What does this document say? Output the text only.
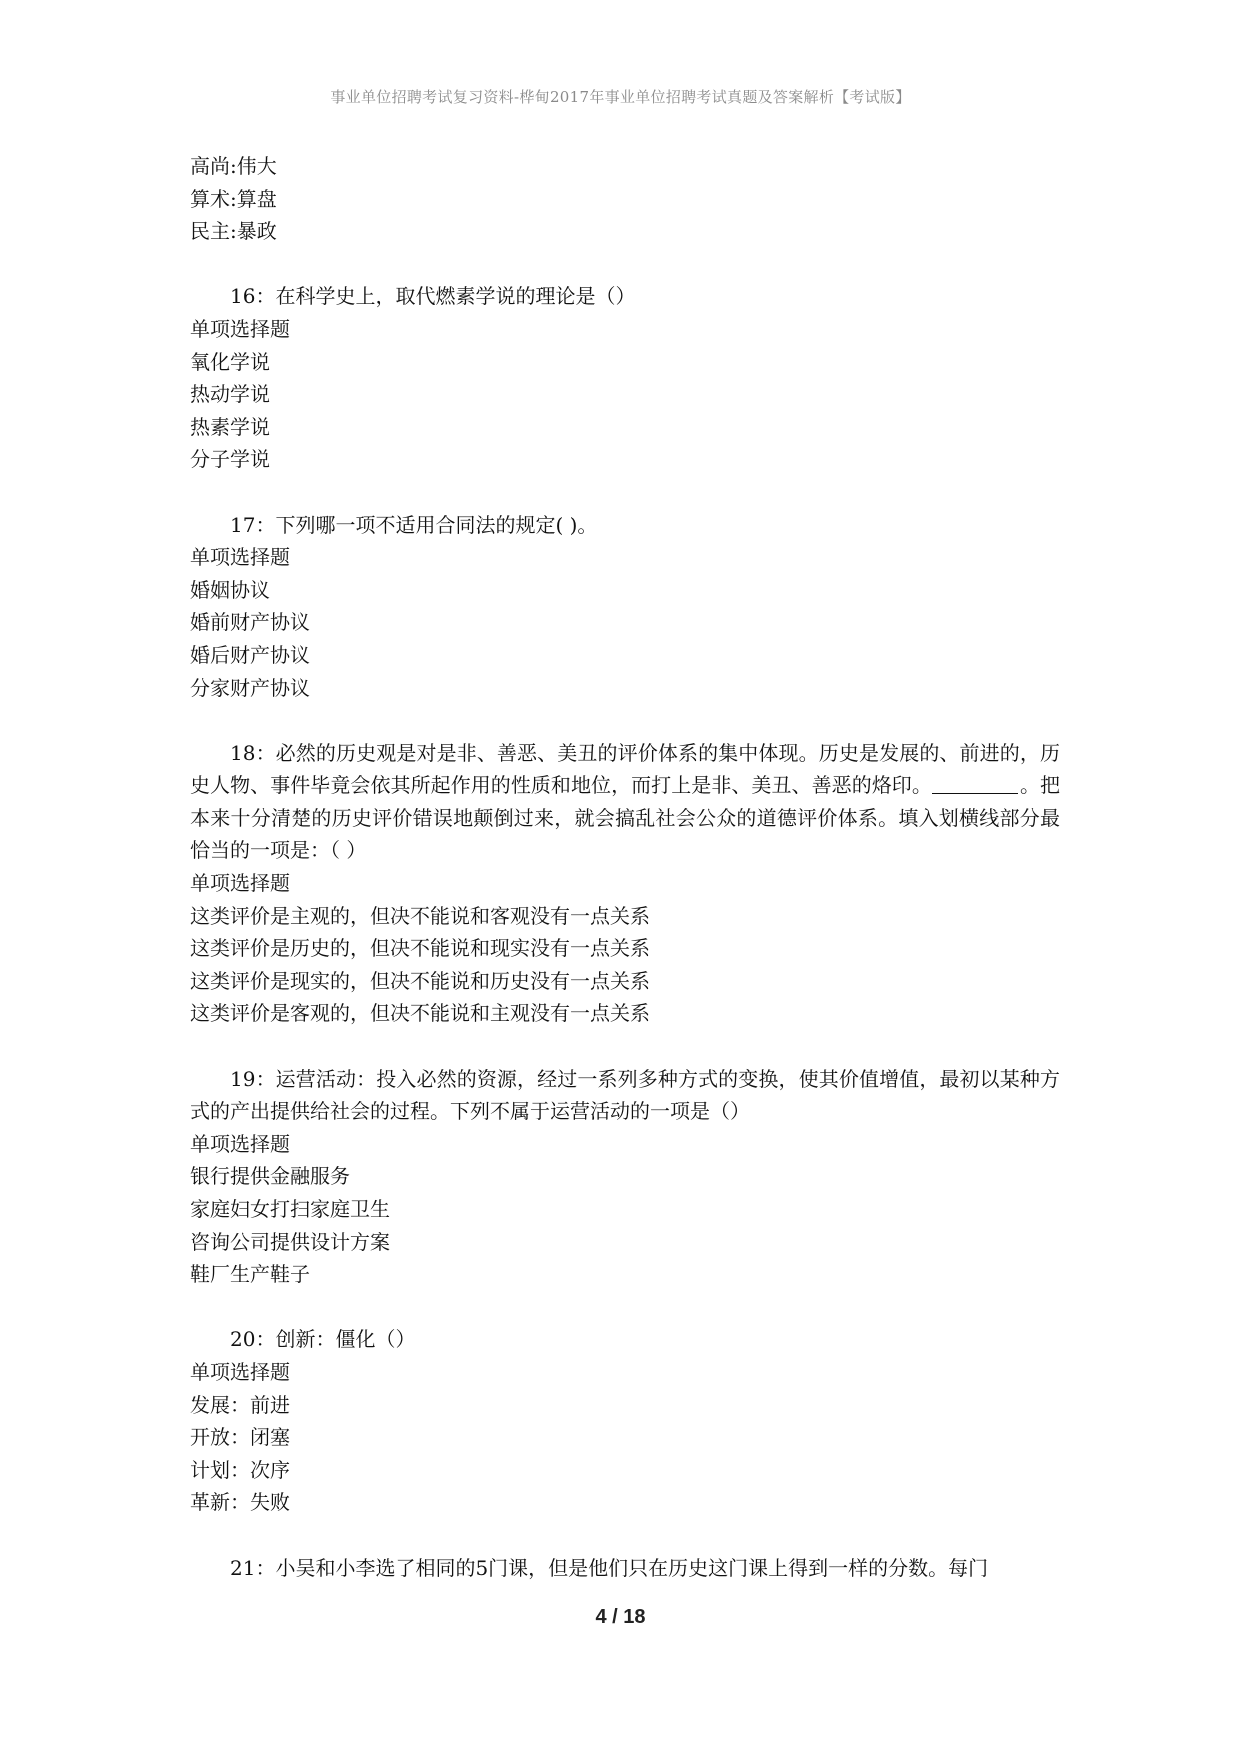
事业单位招聘考试复习资料-桦甸2017年事业单位招聘考试真题及答案解析【考试版】

高尚:伟大

算术:算盘

民主:暴政

16：在科学史上，取代燃素学说的理论是（）

单项选择题

氧化学说

热动学说

热素学说

分子学说

17：下列哪一项不适用合同法的规定( )。

单项选择题

婚姻协议

婚前财产协议

婚后财产协议

分家财产协议

18：必然的历史观是对是非、善恶、美丑的评价体系的集中体现。历史是发展的、前进的，历史人物、事件毕竟会依其所起作用的性质和地位，而打上是非、美丑、善恶的烙印。	。把本来十分清楚的历史评价错误地颠倒过来，就会搞乱社会公众的道德评价体系。填入划横线部分最恰当的一项是：（ ）

单项选择题

这类评价是主观的，但决不能说和客观没有一点关系

这类评价是历史的，但决不能说和现实没有一点关系

这类评价是现实的，但决不能说和历史没有一点关系

这类评价是客观的，但决不能说和主观没有一点关系

19：运营活动：投入必然的资源，经过一系列多种方式的变换，使其价值增值，最初以某种方式的产出提供给社会的过程。下列不属于运营活动的一项是（）

单项选择题

银行提供金融服务

家庭妇女打扫家庭卫生

咨询公司提供设计方案

鞋厂生产鞋子

20：创新：僵化（）

单项选择题

发展：前进

开放：闭塞

计划：次序

革新：失败

21：小吴和小李选了相同的5门课，但是他们只在历史这门课上得到一样的分数。每门

4 / 18
